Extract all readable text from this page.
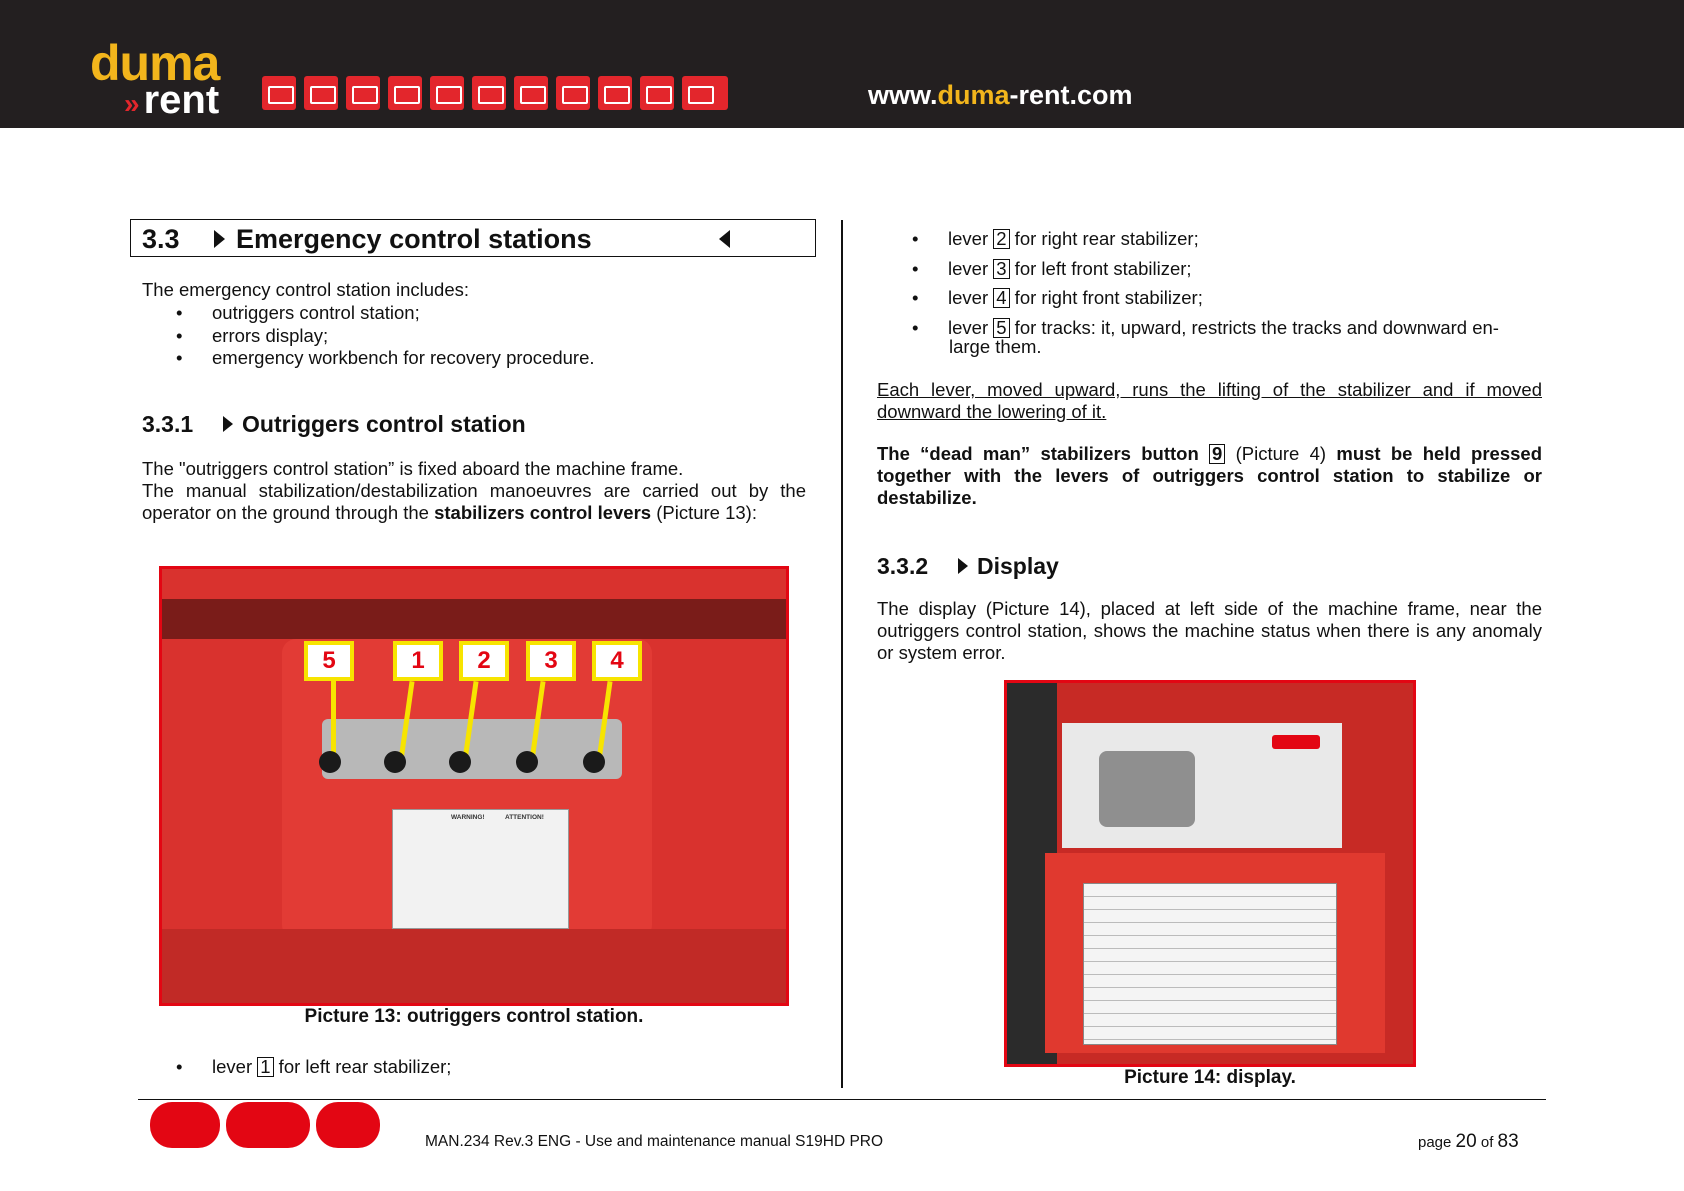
duma
» rent	www.duma-rent.com
3.3 Emergency control stations
The emergency control station includes:
• outriggers control station;
• errors display;
• emergency workbench for recovery procedure.
3.3.1 Outriggers control station
The "outriggers control station” is fixed aboard the machine frame.
The manual stabilization/destabilization manoeuvres are carried out by the operator on the ground through the stabilizers control levers (Picture 13):
5	1	2	3	4
WARNING!	ATTENTION!
Picture 13: outriggers control station.
• lever 1 for left rear stabilizer;
• lever 2 for right rear stabilizer;
• lever 3 for left front stabilizer;
• lever 4 for right front stabilizer;
• lever 5 for tracks: it, upward, restricts the tracks and downward en-
large them.
Each lever, moved upward, runs the lifting of the stabilizer and if moved downward the lowering of it.
The “dead man” stabilizers button 9 (Picture 4) must be held pressed together with the levers of outriggers control station to stabilize or destabilize.
3.3.2 Display
The display (Picture 14), placed at left side of the machine frame, near the outriggers control station, shows the machine status when there is any anomaly or system error.
Picture 14: display.
MAN.234 Rev.3 ENG - Use and maintenance manual S19HD PRO	page 20 of 83
